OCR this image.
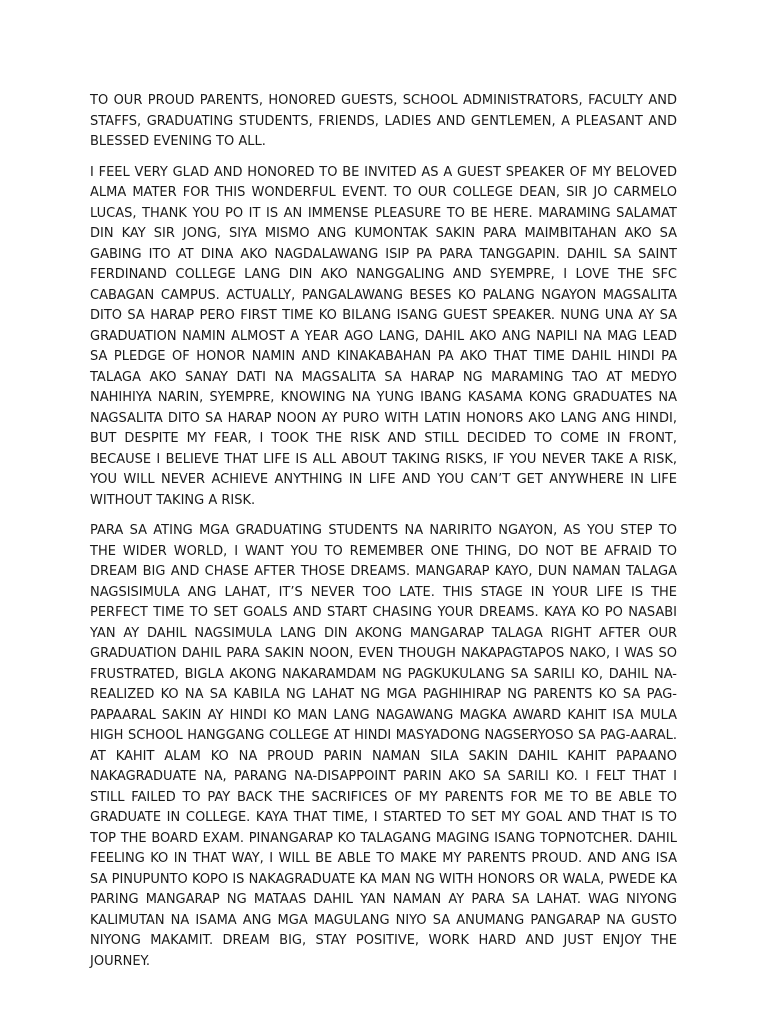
TO OUR PROUD PARENTS, HONORED GUESTS, SCHOOL ADMINISTRATORS, FACULTY AND STAFFS, GRADUATING STUDENTS, FRIENDS, LADIES AND GENTLEMEN, A PLEASANT AND BLESSED EVENING TO ALL.

I FEEL VERY GLAD AND HONORED TO BE INVITED AS A GUEST SPEAKER OF MY BELOVED ALMA MATER FOR THIS WONDERFUL EVENT. TO OUR COLLEGE DEAN, SIR JO CARMELO LUCAS, THANK YOU PO IT IS AN IMMENSE PLEASURE TO BE HERE. MARAMING SALAMAT DIN KAY SIR JONG, SIYA MISMO ANG KUMONTAK SAKIN PARA MAIMBITAHAN AKO SA GABING ITO AT DINA AKO NAGDALAWANG ISIP PA PARA TANGGAPIN. DAHIL SA SAINT FERDINAND COLLEGE LANG DIN AKO NANGGALING AND SYEMPRE, I LOVE THE SFC CABAGAN CAMPUS. ACTUALLY, PANGALAWANG BESES KO PALANG NGAYON MAGSALITA DITO SA HARAP PERO FIRST TIME KO BILANG ISANG GUEST SPEAKER. NUNG UNA AY SA GRADUATION NAMIN ALMOST A YEAR AGO LANG, DAHIL AKO ANG NAPILI NA MAG LEAD SA PLEDGE OF HONOR NAMIN AND KINAKABAHAN PA AKO THAT TIME DAHIL HINDI PA TALAGA AKO SANAY DATI NA MAGSALITA SA HARAP NG MARAMING TAO AT MEDYO NAHIHIYA NARIN, SYEMPRE, KNOWING NA YUNG IBANG KASAMA KONG GRADUATES NA NAGSALITA DITO SA HARAP NOON AY PURO WITH LATIN HONORS AKO LANG ANG HINDI, BUT DESPITE MY FEAR, I TOOK THE RISK AND STILL DECIDED TO COME IN FRONT, BECAUSE I BELIEVE THAT LIFE IS ALL ABOUT TAKING RISKS, IF YOU NEVER TAKE A RISK, YOU WILL NEVER ACHIEVE ANYTHING IN LIFE AND YOU CAN’T GET ANYWHERE IN LIFE WITHOUT TAKING A RISK.

PARA SA ATING MGA GRADUATING STUDENTS NA NARIRITO NGAYON, AS YOU STEP TO THE WIDER WORLD, I WANT YOU TO REMEMBER ONE THING, DO NOT BE AFRAID TO DREAM BIG AND CHASE AFTER THOSE DREAMS. MANGARAP KAYO, DUN NAMAN TALAGA NAGSISIMULA ANG LAHAT, IT’S NEVER TOO LATE. THIS STAGE IN YOUR LIFE IS THE PERFECT TIME TO SET GOALS AND START CHASING YOUR DREAMS. KAYA KO PO NASABI YAN AY DAHIL NAGSIMULA LANG DIN AKONG MANGARAP TALAGA RIGHT AFTER OUR GRADUATION DAHIL PARA SAKIN NOON, EVEN THOUGH NAKAPAGTAPOS NAKO, I WAS SO FRUSTRATED, BIGLA AKONG NAKARAMDAM NG PAGKUKULANG SA SARILI KO, DAHIL NA-REALIZED KO NA SA KABILA NG LAHAT NG MGA PAGHIHIRAP NG PARENTS KO SA PAG-PAPAARAL SAKIN AY HINDI KO MAN LANG NAGAWANG MAGKA AWARD KAHIT ISA MULA HIGH SCHOOL HANGGANG COLLEGE AT HINDI MASYADONG NAGSERYOSO SA PAG-AARAL. AT KAHIT ALAM KO NA PROUD PARIN NAMAN SILA SAKIN DAHIL KAHIT PAPAANO NAKAGRADUATE NA, PARANG NA-DISAPPOINT PARIN AKO SA SARILI KO. I FELT THAT I STILL FAILED TO PAY BACK THE SACRIFICES OF MY PARENTS FOR ME TO BE ABLE TO GRADUATE IN COLLEGE. KAYA THAT TIME, I STARTED TO SET MY GOAL AND THAT IS TO TOP THE BOARD EXAM. PINANGARAP KO TALAGANG MAGING ISANG TOPNOTCHER. DAHIL FEELING KO IN THAT WAY, I WILL BE ABLE TO MAKE MY PARENTS PROUD. AND ANG ISA SA PINUPUNTO KOPO IS NAKAGRADUATE KA MAN NG WITH HONORS OR WALA, PWEDE KA PARING MANGARAP NG MATAAS DAHIL YAN NAMAN AY PARA SA LAHAT. WAG NIYONG KALIMUTAN NA ISAMA ANG MGA MAGULANG NIYO SA ANUMANG PANGARAP NA GUSTO NIYONG MAKAMIT. DREAM BIG, STAY POSITIVE, WORK HARD AND JUST ENJOY THE JOURNEY.
